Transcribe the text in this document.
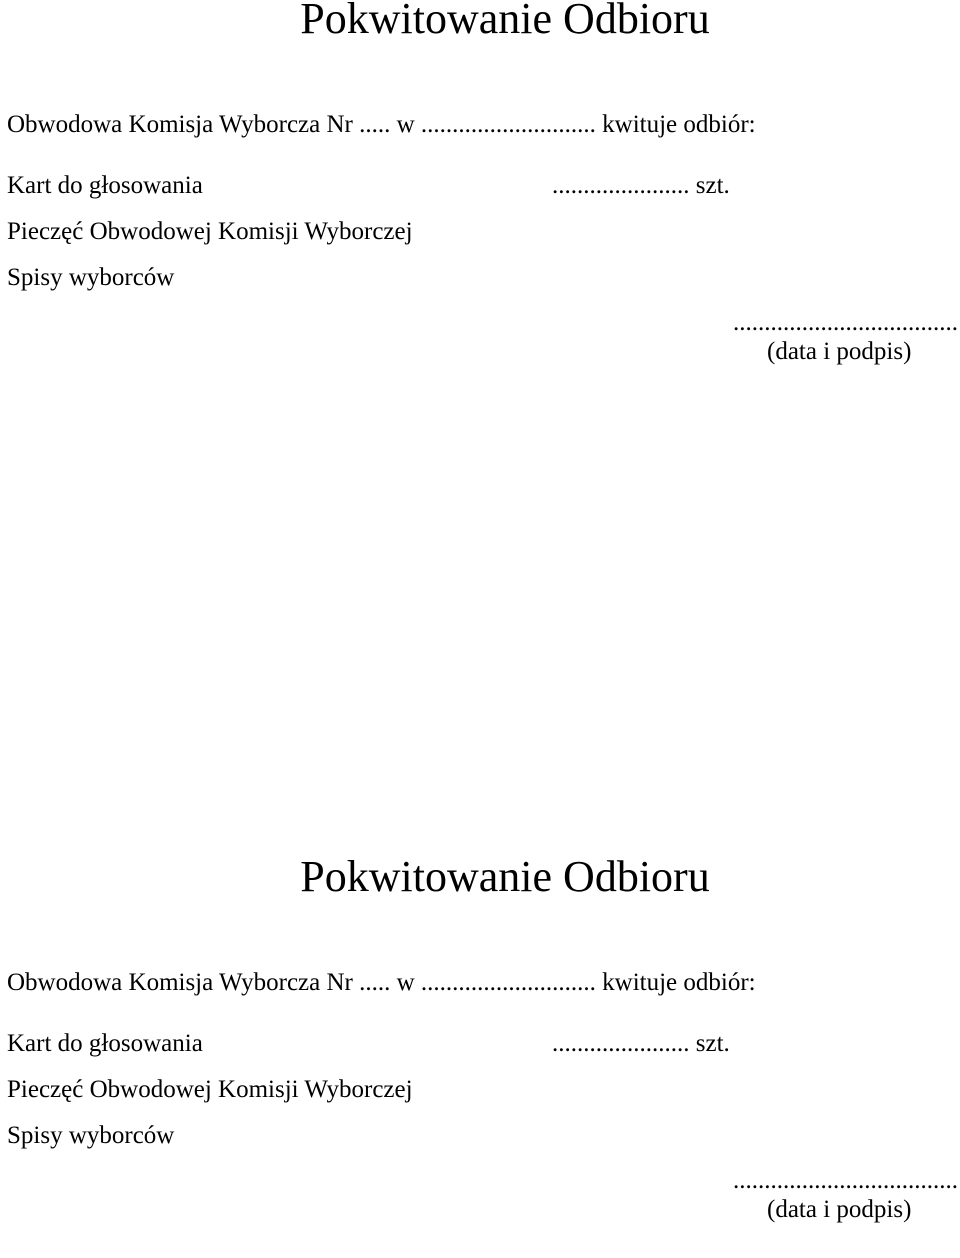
Pokwitowanie Odbioru

Obwodowa Komisja Wyborcza Nr ..... w ............................ kwituje odbiór:

Kart do głosowania	...................... szt.

Pieczęć Obwodowej Komisji Wyborczej

Spisy wyborców

....................................
(data i podpis)
Pokwitowanie Odbioru

Obwodowa Komisja Wyborcza Nr ..... w ............................ kwituje odbiór:

Kart do głosowania	...................... szt.

Pieczęć Obwodowej Komisji Wyborczej

Spisy wyborców

....................................
(data i podpis)
